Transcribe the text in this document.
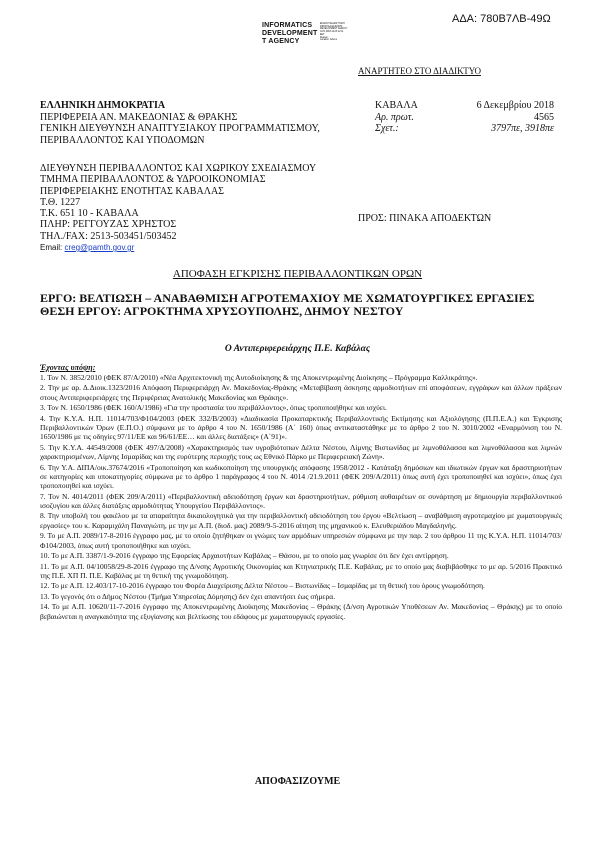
ΑΔΑ: 780Β7ΛΒ-49Ω
INFORMATICS
DEVELOPMENT
T AGENCY
ΕΚΔΟΣΗ ΔΙΑΔΙΚΤΥΑΚΗ
ΣΦΡΑΓΙΔΑ ΕΚΔΟΣΗΣ
DEVELOPMENT AGENCY
GOV 2018.12.06 12:11
EET
Reason:
Location: Athens
ΑΝΑΡΤΗΤΕΟ ΣΤΟ ΔΙΑΔΙΚΤΥΟ
ΕΛΛΗΝΙΚΗ ΔΗΜΟΚΡΑΤΙΑ
ΠΕΡΙΦΕΡΕΙΑ ΑΝ. ΜΑΚΕΔΟΝΙΑΣ & ΘΡΑΚΗΣ
ΓΕΝΙΚΗ ΔΙΕΥΘΥΝΣΗ ΑΝΑΠΤΥΞΙΑΚΟΥ ΠΡΟΓΡΑΜΜΑΤΙΣΜΟΥ,
ΠΕΡΙΒΑΛΛΟΝΤΟΣ ΚΑΙ ΥΠΟΔΟΜΩΝ
ΚΑΒΑΛΑ	6 Δεκεμβρίου 2018
Αρ. πρωτ.	4565
Σχετ.:	3797πε, 3918πε
ΔΙΕΥΘΥΝΣΗ ΠΕΡΙΒΑΛΛΟΝΤΟΣ ΚΑΙ ΧΩΡΙΚΟΥ ΣΧΕΔΙΑΣΜΟΥ
ΤΜΗΜΑ ΠΕΡΙΒΑΛΛΟΝΤΟΣ & ΥΔΡΟΟΙΚΟΝΟΜΙΑΣ
ΠΕΡΙΦΕΡΕΙΑΚΗΣ ΕΝΟΤΗΤΑΣ ΚΑΒΑΛΑΣ
Τ.Θ. 1227
Τ.Κ. 651 10 - ΚΑΒΑΛΑ
ΠΛΗΡ: ΡΕΓΓΟΥΖΑΣ ΧΡΗΣΤΟΣ
ΤΗΛ./FAX: 2513-503451/503452
Email: creg@pamth.gov.gr
ΠΡΟΣ: ΠΙΝΑΚΑ ΑΠΟΔΕΚΤΩΝ
ΑΠΟΦΑΣΗ ΕΓΚΡΙΣΗΣ ΠΕΡΙΒΑΛΛΟΝΤΙΚΩΝ ΟΡΩΝ
ΕΡΓΟ: ΒΕΛΤΙΩΣΗ – ΑΝΑΒΑΘΜΙΣΗ ΑΓΡΟΤΕΜΑΧΙΟΥ ΜΕ ΧΩΜΑΤΟΥΡΓΙΚΕΣ ΕΡΓΑΣΙΕΣ
ΘΕΣΗ ΕΡΓΟΥ: ΑΓΡΟΚΤΗΜΑ ΧΡΥΣΟΥΠΟΛΗΣ, ΔΗΜΟΥ ΝΕΣΤΟΥ
Ο Αντιπεριφερειάρχης Π.Ε. Καβάλας
Έχοντας υπόψη:

1. Τον Ν. 3852/2010 (ΦΕΚ 87/Α/2010) «Νέα Αρχιτεκτονική της Αυτοδιοίκησης & της Αποκεντρωμένης Διοίκησης – Πρόγραμμα Καλλικράτης».

2. Την με αρ. Δ.Διοικ.1323/2016 Απόφαση Περιφερειάρχη Αν. Μακεδονίας-Θράκης «Μεταβίβαση άσκησης αρμοδιοτήτων επί αποφάσεων, εγγράφων και άλλων πράξεων στους Αντιπεριφερειάρχες της Περιφέρειας Ανατολικής Μακεδονίας και Θράκης».

3. Τον Ν. 1650/1986 (ΦΕΚ 160/Α/1986) «Για την προστασία του περιβάλλοντος», όπως τροποποιήθηκε και ισχύει.

4. Την Κ.Υ.Α. Η.Π. 11014/703/Φ104/2003 (ΦΕΚ 332/Β/2003) «Διαδικασία Προκαταρκτικής Περιβαλλοντικής Εκτίμησης και Αξιολόγησης (Π.Π.Ε.Α.) και Έγκρισης Περιβαλλοντικών Όρων (Ε.Π.Ο.) σύμφωνα με το άρθρο 4 του Ν. 1650/1986 (Α΄ 160) όπως αντικαταστάθηκε με το άρθρο 2 του Ν. 3010/2002 «Εναρμόνιση του Ν. 1650/1986 με τις οδηγίες 97/11/ΕΕ και 96/61/ΕΕ… και άλλες διατάξεις» (Α΄91)».

5. Την Κ.Υ.Α. 44549/2008 (ΦΕΚ 497/Δ/2008) «Χαρακτηρισμός των υγροβιότοπων Δέλτα Νέστου, Λίμνης Βιστωνίδας με λιμνοθάλασσα και λιμνοθάλασσα και λιμνών χαρακτηρισμένων, Λίμνης Ισμαρίδας και της ευρύτερης περιοχής τους ως Εθνικό Πάρκο με Περιφερειακή Ζώνη».

6. Την Υ.Α. ΔΙΠΑ/οικ.37674/2016 «Τροποποίηση και κωδικοποίηση της υπουργικής απόφασης 1958/2012 - Κατάταξη δημόσιων και ιδιωτικών έργων και δραστηριοτήτων σε κατηγορίες και υποκατηγορίες σύμφωνα με το άρθρο 1 παράγραφος 4 του Ν. 4014 /21.9.2011 (ΦΕΚ 209/Α/2011) όπως αυτή έχει τροποποιηθεί και ισχύει», όπως έχει τροποποιηθεί και ισχύει.

7. Τον Ν. 4014/2011 (ΦΕΚ 209/Α/2011) «Περιβαλλοντική αδειοδότηση έργων και δραστηριοτήτων, ρύθμιση αυθαιρέτων σε συνάρτηση με δημιουργία περιβαλλοντικού ισοζυγίου και άλλες διατάξεις αρμοδιότητας Υπουργείου Περιβάλλοντος».

8. Την υποβολή του φακέλου με τα απαραίτητα δικαιολογητικά για την περιβαλλοντική αδειοδότηση του έργου «Βελτίωση – αναβάθμιση αγροτεμαχίου με χωματουργικές εργασίες» του κ. Καραμιχάλη Παναγιώτη, με την με Α.Π. (διοδ. μας) 2089/9-5-2016 αίτηση της μηχανικού κ. Ελευθεριάδου Μαγδαληνής.

9. Το με Α.Π. 2089/17-8-2016 έγγραφο μας, με το οποίο ζητήθηκαν οι γνώμες των αρμόδιων υπηρεσιών σύμφωνα με την παρ. 2 του άρθρου 11 της Κ.Υ.Α. Η.Π. 11014/703/Φ104/2003, όπως αυτή τροποποιήθηκε και ισχύει.

10. Το με Α.Π. 3387/1-9-2016 έγγραφο της Εφορείας Αρχαιοτήτων Καβάλας – Θάσου, με το οποίο μας γνωρίσε ότι δεν έχει αντίρρηση.

11. Το με Α.Π. 04/10058/29-8-2016 έγγραφο της Δ/νσης Αγροτικής Οικονομίας και Κτηνιατρικής Π.Ε. Καβάλας, με το οποίο μας διαβιβάσθηκε το με αρ. 5/2016 Πρακτικό της Π.Ε. ΧΠ Π. Π.Ε. Καβάλας με τη θετική της γνωμοδότηση.

12. Το με Α.Π. 12.403/17-10-2016 έγγραφο του Φορέα Διαχείρισης Δέλτα Νέστου – Βιστωνίδας – Ισμαρίδας με τη θετική του όρους γνωμοδότηση.

13. Το γεγονός ότι ο Δήμος Νέστου (Τμήμα Υπηρεσίας Δόμησης) δεν έχει απαντήσει έως σήμερα.

14. Το με Α.Π. 10620/11-7-2016 έγγραφο της Αποκεντρωμένης Διοίκησης Μακεδονίας – Θράκης (Δ/νση Αγροτικών Υποθέσεων Αν. Μακεδονίας – Θράκης) με το οποίο βεβαιώνεται η αναγκαιότητα της εξυγίανσης και βελτίωσης του εδάφους με χωματουργικές εργασίες.

ΑΠΟΦΑΣΙΖΟΥΜΕ
